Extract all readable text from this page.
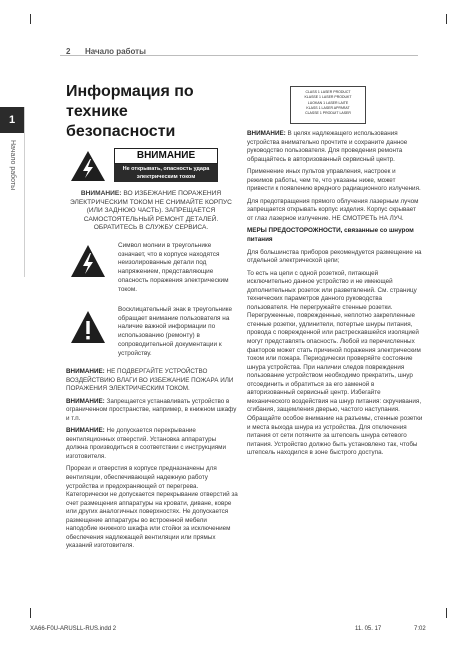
2 Начало работы
1
Начало работы
Информация по технике безопасности
ВНИМАНИЕ
Не открывать, опасность удара электрическим током
ВНИМАНИЕ: ВО ИЗБЕЖАНИЕ ПОРАЖЕНИЯ ЭЛЕКТРИЧЕСКИМ ТОКОМ НЕ СНИМАЙТЕ КОРПУС (ИЛИ ЗАДНЮЮ ЧАСТЬ). ЗАПРЕЩАЕТСЯ САМОСТОЯТЕЛЬНЫЙ РЕМОНТ ДЕТАЛЕЙ. ОБРАТИТЕСЬ В СЛУЖБУ СЕРВИСА.
Символ молнии в треугольнике означает, что в корпусе находятся неизолированные детали под напряжением, представляющие опасность поражения электрическим током.
Восклицательный знак в треугольнике обращает внимание пользователя на наличие важной информации по использованию (ремонту) в сопроводительной документации к устройству.

ВНИМАНИЕ: НЕ ПОДВЕРГАЙТЕ УСТРОЙСТВО ВОЗДЕЙСТВИЮ ВЛАГИ ВО ИЗБЕЖАНИЕ ПОЖАРА ИЛИ ПОРАЖЕНИЯ ЭЛЕКТРИЧЕСКИМ ТОКОМ.

ВНИМАНИЕ: Запрещается устанавливать устройство в ограниченном пространстве, например, в книжном шкафу и т.п.

ВНИМАНИЕ: Не допускается перекрывание вентиляционных отверстий. Установка аппаратуры должна производиться в соответствии с инструкциями изготовителя.

Прорези и отверстия в корпусе предназначены для вентиляции, обеспечивающей надежную работу устройства и предохраняющей от перегрева. Категорически не допускается перекрывание отверстий за счет размещения аппаратуры на кровати, диване, ковре или других аналогичных поверхностях. Не допускается размещение аппаратуры во встроенной мебели наподобие книжного шкафа или стойки за исключением обеспечения надлежащей вентиляции или прямых указаний изготовителя.

CLASS 1 LASER PRODUCT
KLASSE 1 LASER PRODUKT
LUOKAN 1 LASER LAITE
KLASS 1 LASER APPARAT
CLASSE 1 PRODUIT LASER

ВНИМАНИЕ: В целях надлежащего использования устройства внимательно прочтите и сохраните данное руководство пользователя. Для проведения ремонта обращайтесь в авторизованный сервисный центр.

Применение иных пультов управления, настроек и режимов работы, чем те, что указаны ниже, может привести к появлению вредного радиационного излучения.

Для предотвращения прямого облучения лазерным лучом запрещается открывать корпус изделия. Корпус скрывает от глаз лазерное излучение. НЕ СМОТРЕТЬ НА ЛУЧ.

МЕРЫ ПРЕДОСТОРОЖНОСТИ, связанные со шнуром питания

Для большинства приборов рекомендуется размещение на отдельной электрической цепи;

То есть на цепи с одной розеткой, питающей исключительно данное устройство и не имеющей дополнительных розеток или разветвлений. См. страницу технических параметров данного руководства пользователя. Не перегружайте стенные розетки. Перегруженные, поврежденные, неплотно закрепленные стенные розетки, удлинители, потертые шнуры питания, провода с поврежденной или растрескавшейся изоляцией могут представлять опасность. Любой из перечисленных факторов может стать причиной поражения электрическим током или пожара. Периодически проверяйте состояние шнура устройства. При наличии следов повреждения пользование устройством необходимо прекратить, шнур отсоединить и обратиться за его заменой в авторизованный сервисный центр. Избегайте механического воздействия на шнур питания: скручивания, сгибания, защемления дверью, частого наступания. Обращайте особое внимание на разъемы, стенные розетки и места выхода шнура из устройства. Для отключения питания от сети потяните за штепсель шнура сетевого питания. Устройство должно быть установлено так, чтобы штепсель находился в зоне быстрого доступа.

XA66-F0U-ARUSLL-RUS.indd 2	11. 05. 17	7:02
